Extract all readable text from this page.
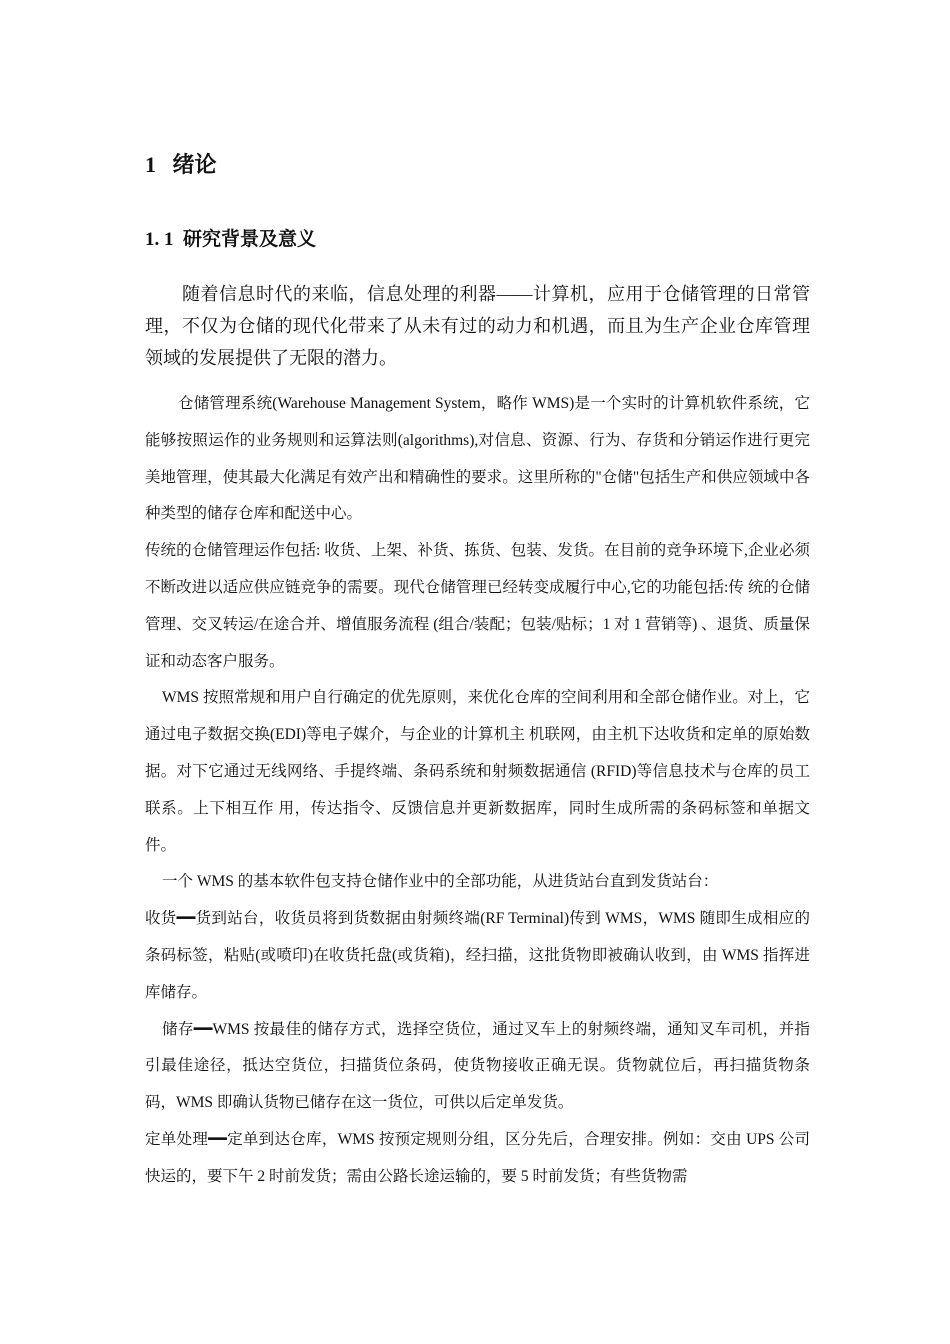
1 绪论
1. 1 研究背景及意义

随着信息时代的来临，信息处理的利器——计算机，应用于仓储管理的日常管理，不仅为仓储的现代化带来了从未有过的动力和机遇，而且为生产企业仓库管理领域的发展提供了无限的潜力。

仓储管理系统(Warehouse Management System，略作 WMS)是一个实时的计算机软件系统，它能够按照运作的业务规则和运算法则(algorithms),对信息、资源、行为、存货和分销运作进行更完美地管理，使其最大化满足有效产出和精确性的要求。这里所称的"仓储"包括生产和供应领域中各种类型的储存仓库和配送中心。

传统的仓储管理运作包括: 收货、上架、补货、拣货、包装、发货。在目前的竞争环境下,企业必须不断改进以适应供应链竞争的需要。现代仓储管理已经转变成履行中心,它的功能包括:传 统的仓储管理、交叉转运/在途合并、增值服务流程 (组合/装配；包装/贴标；1 对 1 营销等) 、退货、质量保证和动态客户服务。

WMS 按照常规和用户自行确定的优先原则，来优化仓库的空间利用和全部仓储作业。对上，它通过电子数据交换(EDI)等电子媒介，与企业的计算机主 机联网，由主机下达收货和定单的原始数据。对下它通过无线网络、手提终端、条码系统和射频数据通信 (RFID)等信息技术与仓库的员工联系。上下相互作 用，传达指令、反馈信息并更新数据库，同时生成所需的条码标签和单据文件。

一个 WMS 的基本软件包支持仓储作业中的全部功能，从进货站台直到发货站台：

收货━━货到站台，收货员将到货数据由射频终端(RF Terminal)传到 WMS，WMS 随即生成相应的条码标签，粘贴(或喷印)在收货托盘(或货箱)，经扫描，这批货物即被确认收到，由 WMS 指挥进库储存。

储存━━WMS 按最佳的储存方式，选择空货位，通过叉车上的射频终端，通知叉车司机，并指引最佳途径，抵达空货位，扫描货位条码，使货物接收正确无误。货物就位后，再扫描货物条码，WMS 即确认货物已储存在这一货位，可供以后定单发货。

定单处理━━定单到达仓库，WMS 按预定规则分组，区分先后，合理安排。例如：交由 UPS 公司快运的，要下午 2 时前发货；需由公路长途运输的，要 5 时前发货；有些货物需
